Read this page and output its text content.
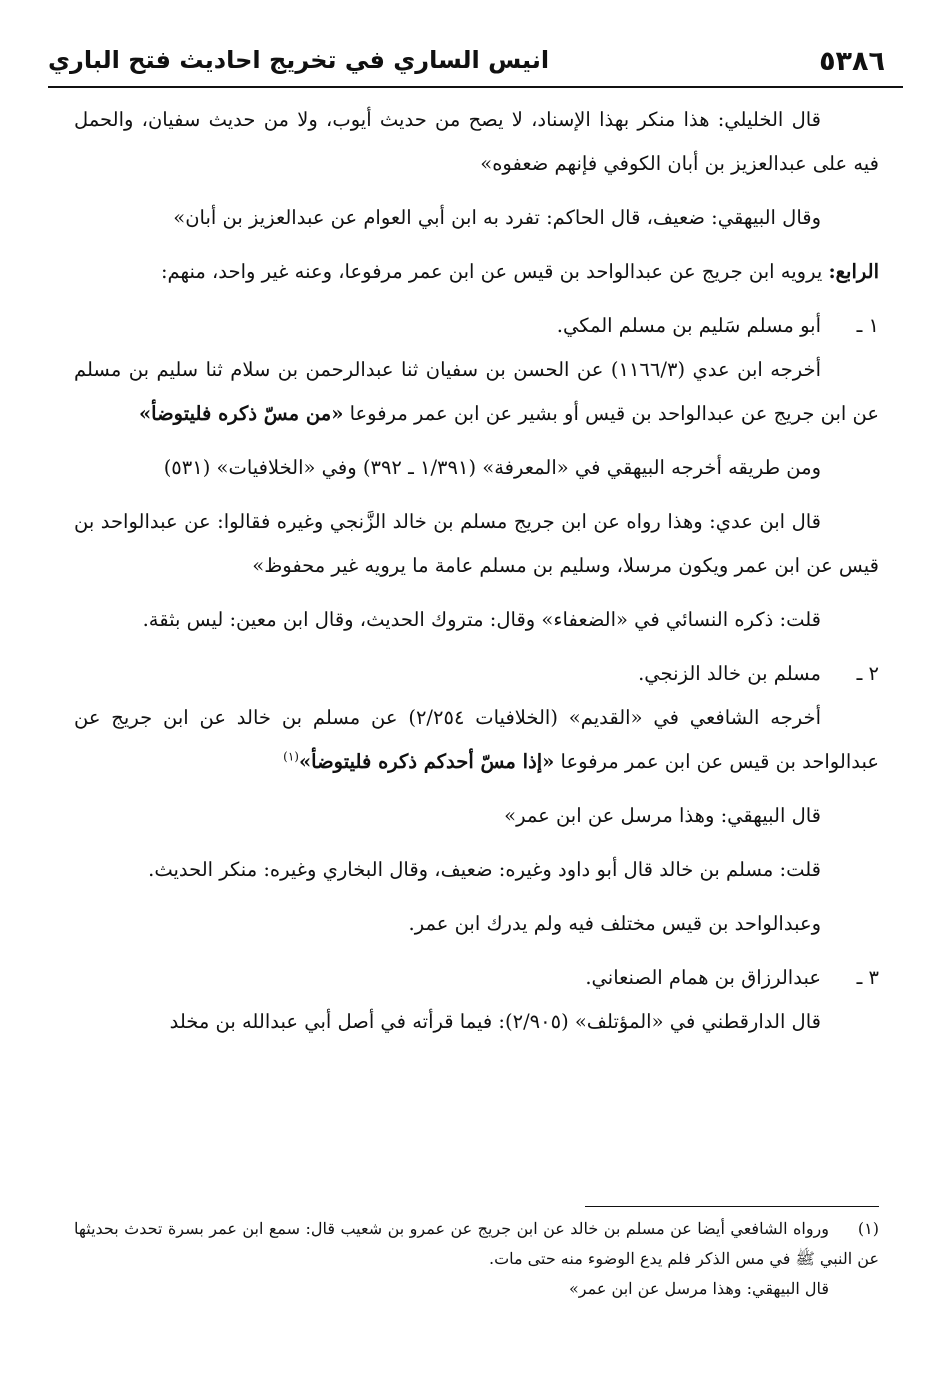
٥٣٨٦
انيس الساري في تخريج احاديث فتح الباري

قال الخليلي: هذا منكر بهذا الإسناد، لا يصح من حديث أيوب، ولا من حديث سفيان، والحمل فيه على عبدالعزيز بن أبان الكوفي فإنهم ضعفوه»

وقال البيهقي: ضعيف، قال الحاكم: تفرد به ابن أبي العوام عن عبدالعزيز بن أبان»

الرابع: يرويه ابن جريج عن عبدالواحد بن قيس عن ابن عمر مرفوعا، وعنه غير واحد، منهم:

١ ـ
أبو مسلم سَليم بن مسلم المكي.

أخرجه ابن عدي (١١٦٦/٣) عن الحسن بن سفيان ثنا عبدالرحمن بن سلام ثنا سليم بن مسلم عن ابن جريج عن عبدالواحد بن قيس أو بشير عن ابن عمر مرفوعا «من مسّ ذكره فليتوضأ»

ومن طريقه أخرجه البيهقي في «المعرفة» (١/٣٩١ ـ ٣٩٢) وفي «الخلافيات» (٥٣١)

قال ابن عدي: وهذا رواه عن ابن جريج مسلم بن خالد الزَّنجي وغيره فقالوا: عن عبدالواحد بن قيس عن ابن عمر ويكون مرسلا، وسليم بن مسلم عامة ما يرويه غير محفوظ»

قلت: ذكره النسائي في «الضعفاء» وقال: متروك الحديث، وقال ابن معين: ليس بثقة.

٢ ـ
مسلم بن خالد الزنجي.

أخرجه الشافعي في «القديم» (الخلافيات ٢/٢٥٤) عن مسلم بن خالد عن ابن جريج عن عبدالواحد بن قيس عن ابن عمر مرفوعا «إذا مسّ أحدكم ذكره فليتوضأ»$^{(١)}$

قال البيهقي: وهذا مرسل عن ابن عمر»

قلت: مسلم بن خالد قال أبو داود وغيره: ضعيف، وقال البخاري وغيره: منكر الحديث.

وعبدالواحد بن قيس مختلف فيه ولم يدرك ابن عمر.

٣ ـ
عبدالرزاق بن همام الصنعاني.

قال الدارقطني في «المؤتلف» (٢/٩٠٥): فيما قرأته في أصل أبي عبدالله بن مخلد

(١)ورواه الشافعي أيضا عن مسلم بن خالد عن ابن جريج عن عمرو بن شعيب قال: سمع ابن عمر بسرة تحدث بحديثها عن النبي ﷺ في مس الذكر فلم يدع الوضوء منه حتى مات.

قال البيهقي: وهذا مرسل عن ابن عمر»
